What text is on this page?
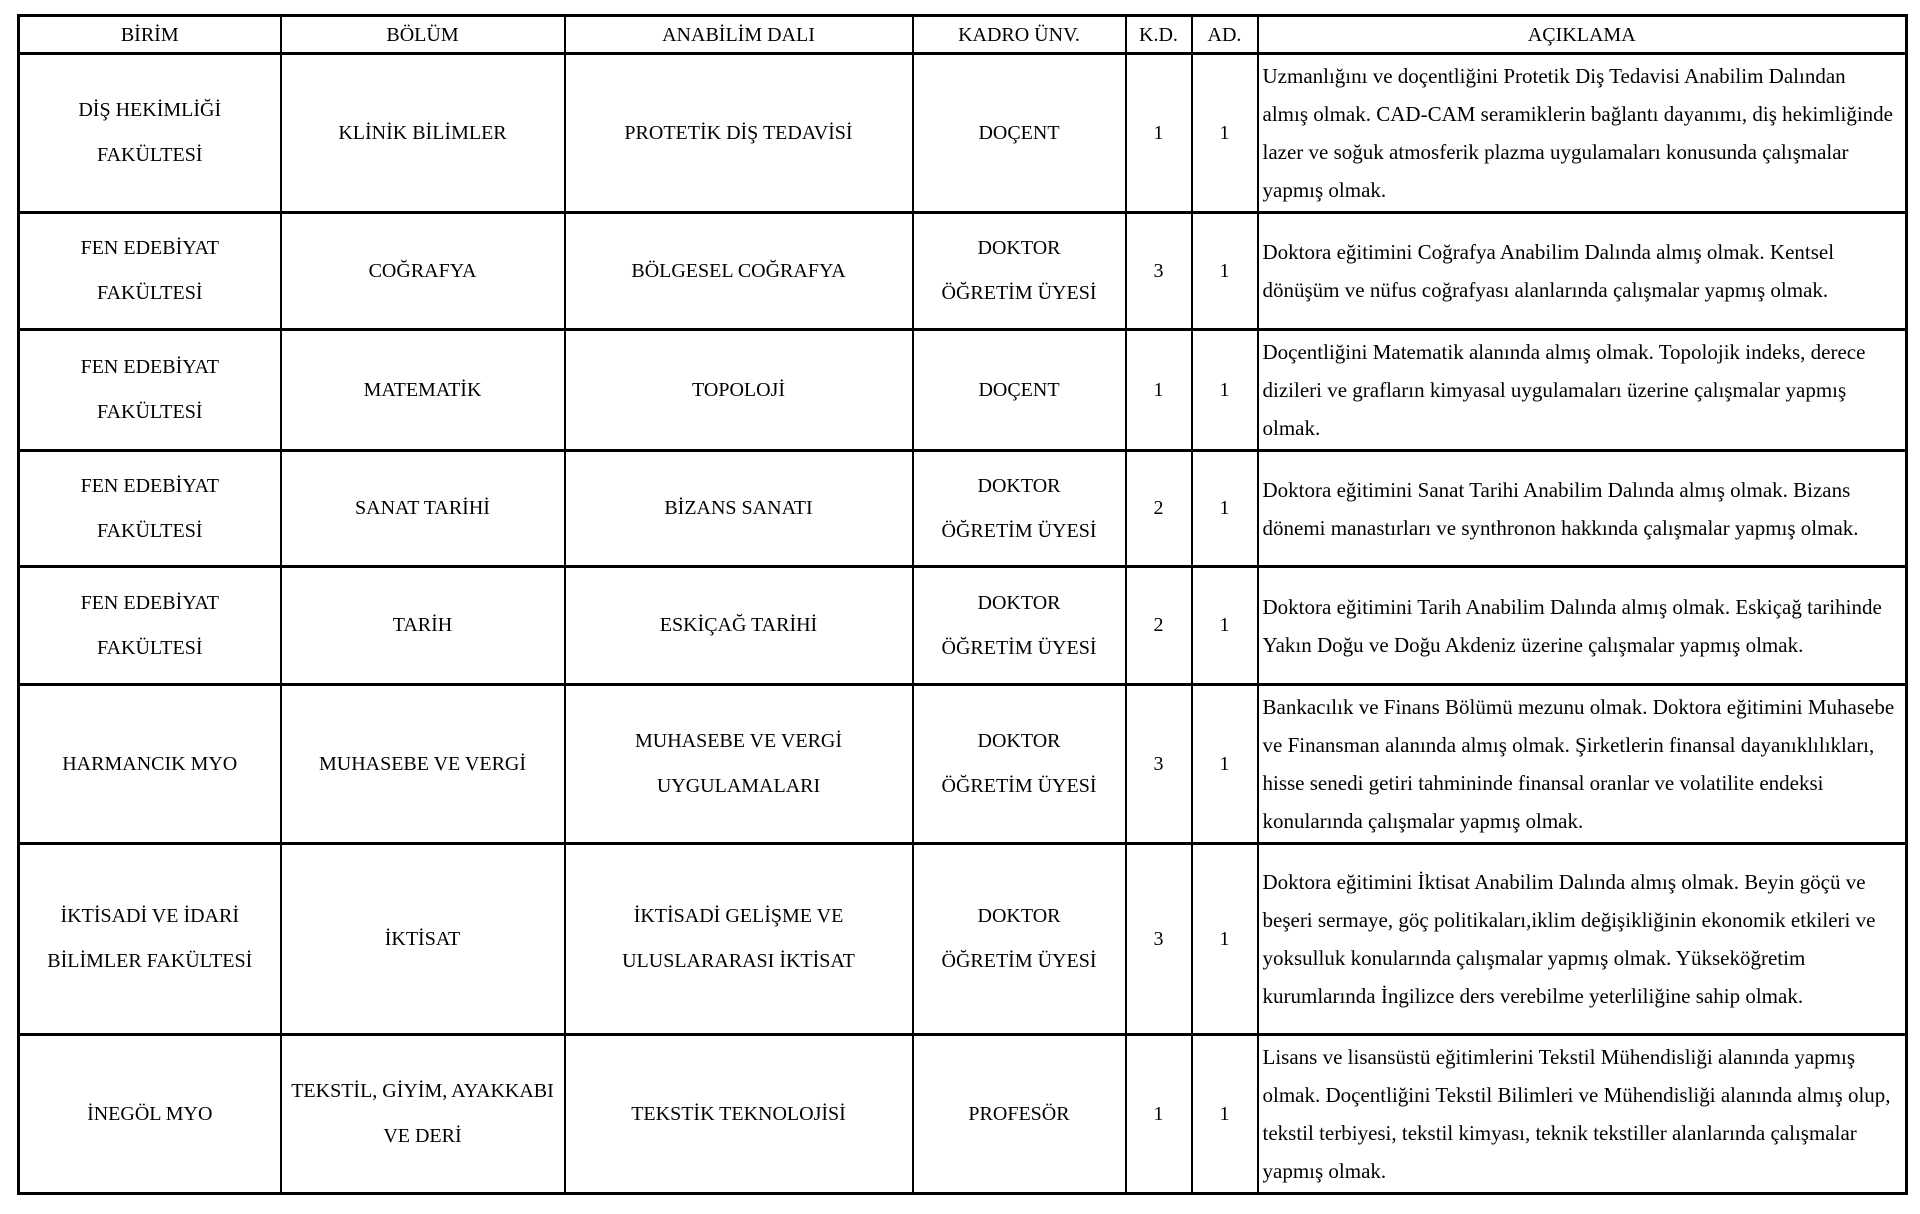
BİRİM	BÖLÜM	ANABİLİM DALI	KADRO ÜNV.	K.D.	AD.	AÇIKLAMA
DİŞ HEKİMLİĞİ FAKÜLTESİ	KLİNİK BİLİMLER	PROTETİK DİŞ TEDAVİSİ	DOÇENT	1	1	Uzmanlığını ve doçentliğini Protetik Diş Tedavisi Anabilim Dalından almış olmak. CAD-CAM seramiklerin bağlantı dayanımı, diş hekimliğinde lazer ve soğuk atmosferik plazma uygulamaları konusunda çalışmalar yapmış olmak.
FEN EDEBİYAT FAKÜLTESİ	COĞRAFYA	BÖLGESEL COĞRAFYA	DOKTOR ÖĞRETİM ÜYESİ	3	1	Doktora eğitimini Coğrafya Anabilim Dalında almış olmak. Kentsel dönüşüm ve nüfus coğrafyası alanlarında çalışmalar yapmış olmak.
FEN EDEBİYAT FAKÜLTESİ	MATEMATİK	TOPOLOJİ	DOÇENT	1	1	Doçentliğini Matematik alanında almış olmak. Topolojik indeks, derece dizileri ve grafların kimyasal uygulamaları üzerine çalışmalar yapmış olmak.
FEN EDEBİYAT FAKÜLTESİ	SANAT TARİHİ	BİZANS SANATI	DOKTOR ÖĞRETİM ÜYESİ	2	1	Doktora eğitimini Sanat Tarihi Anabilim Dalında almış olmak. Bizans dönemi manastırları ve synthronon hakkında çalışmalar yapmış olmak.
FEN EDEBİYAT FAKÜLTESİ	TARİH	ESKİÇAĞ TARİHİ	DOKTOR ÖĞRETİM ÜYESİ	2	1	Doktora eğitimini Tarih Anabilim Dalında almış olmak. Eskiçağ tarihinde Yakın Doğu ve Doğu Akdeniz üzerine çalışmalar yapmış olmak.
HARMANCIK MYO	MUHASEBE VE VERGİ	MUHASEBE VE VERGİ UYGULAMALARI	DOKTOR ÖĞRETİM ÜYESİ	3	1	Bankacılık ve Finans Bölümü mezunu olmak. Doktora eğitimini Muhasebe ve Finansman alanında almış olmak. Şirketlerin finansal dayanıklılıkları, hisse senedi getiri tahmininde finansal oranlar ve volatilite endeksi konularında çalışmalar yapmış olmak.
İKTİSADİ VE İDARİ BİLİMLER FAKÜLTESİ	İKTİSAT	İKTİSADİ GELİŞME VE ULUSLARARASI İKTİSAT	DOKTOR ÖĞRETİM ÜYESİ	3	1	Doktora eğitimini İktisat Anabilim Dalında almış olmak. Beyin göçü ve beşeri sermaye, göç politikaları,iklim değişikliğinin ekonomik etkileri ve yoksulluk konularında çalışmalar yapmış olmak. Yükseköğretim kurumlarında İngilizce ders verebilme yeterliliğine sahip olmak.
İNEGÖL MYO	TEKSTİL, GİYİM, AYAKKABI VE DERİ	TEKSTİK TEKNOLOJİSİ	PROFESÖR	1	1	Lisans ve lisansüstü eğitimlerini Tekstil Mühendisliği alanında yapmış olmak. Doçentliğini Tekstil Bilimleri ve Mühendisliği alanında almış olup, tekstil terbiyesi, tekstil kimyası, teknik tekstiller alanlarında çalışmalar yapmış olmak.
